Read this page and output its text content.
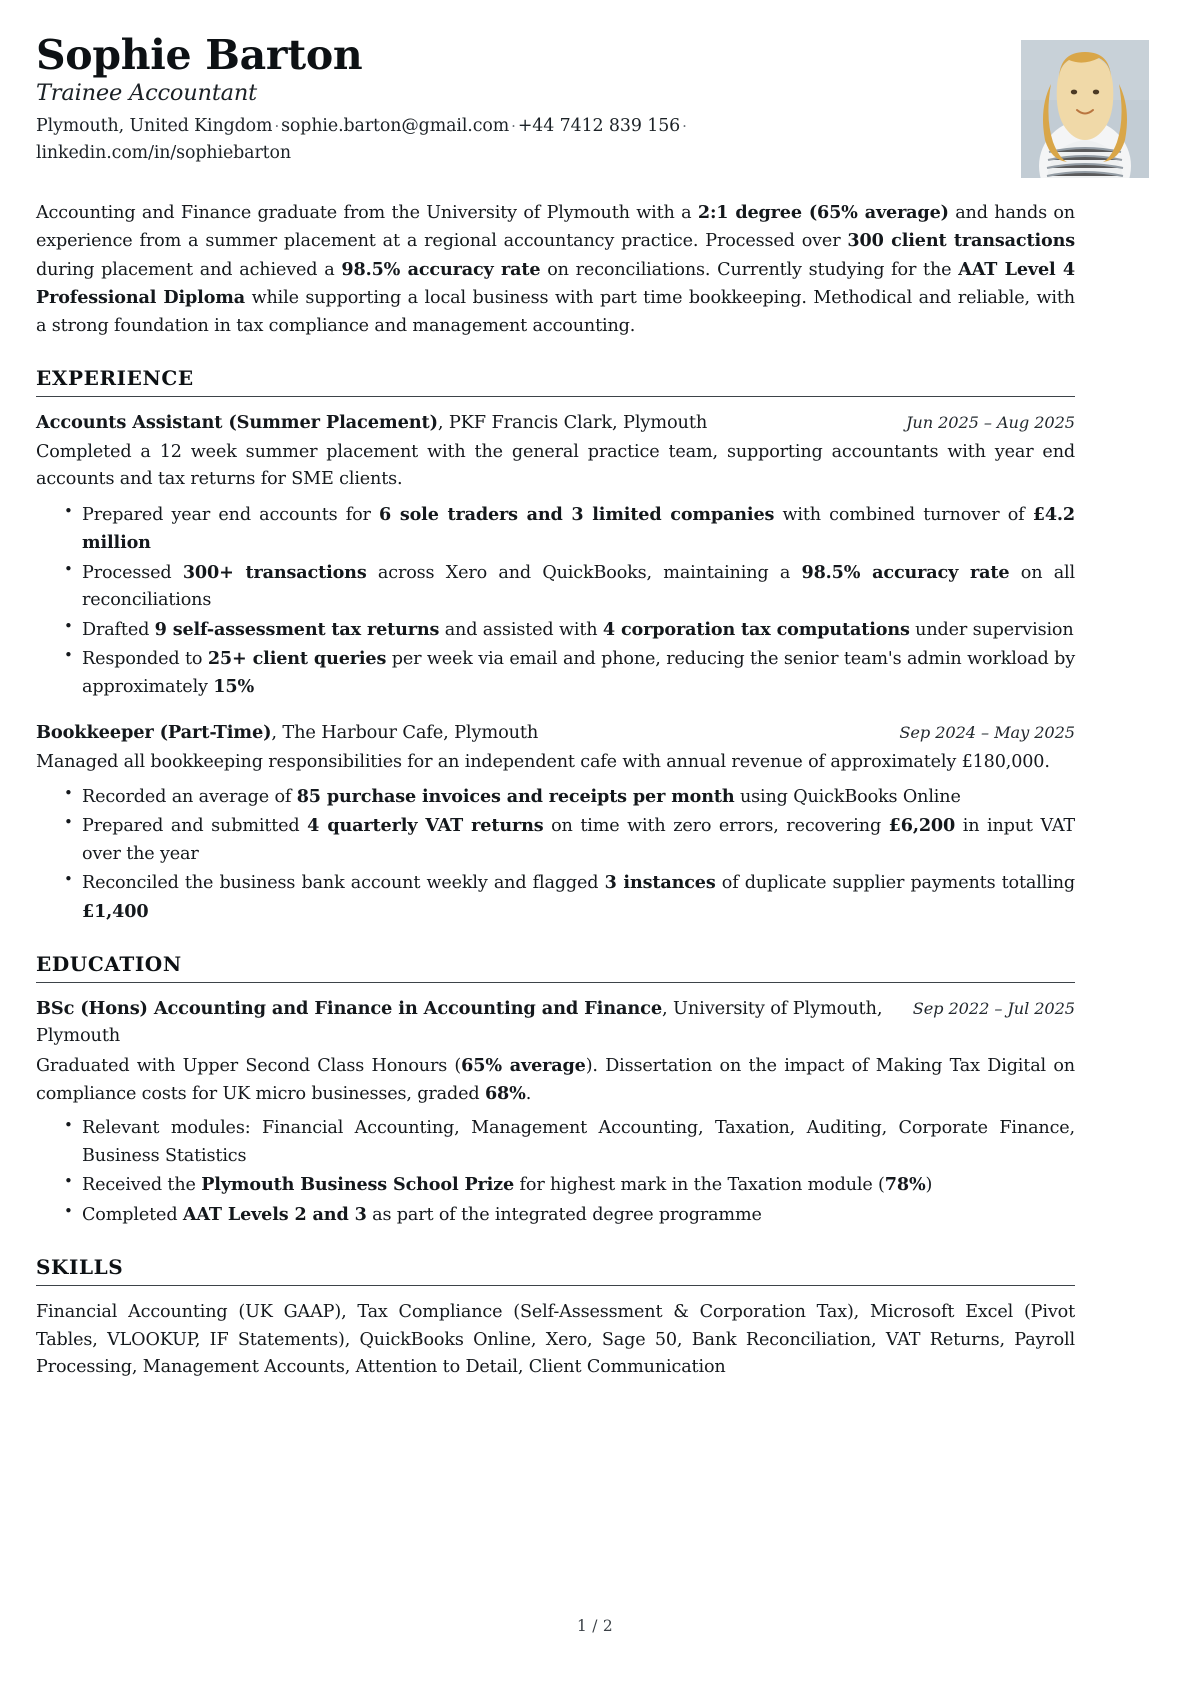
Sophie Barton
Trainee Accountant
Plymouth, United Kingdom · sophie.barton@gmail.com · +44 7412 839 156 · linkedin.com/in/sophiebarton

Accounting and Finance graduate from the University of Plymouth with a 2:1 degree (65% average) and hands on experience from a summer placement at a regional accountancy practice. Processed over 300 client transactions during placement and achieved a 98.5% accuracy rate on reconciliations. Currently studying for the AAT Level 4 Professional Diploma while supporting a local business with part time bookkeeping. Methodical and reliable, with a strong foundation in tax compliance and management accounting.

EXPERIENCE
Accounts Assistant (Summer Placement), PKF Francis Clark, Plymouth	Jun 2025 – Aug 2025
Completed a 12 week summer placement with the general practice team, supporting accountants with year end accounts and tax returns for SME clients.
• Prepared year end accounts for 6 sole traders and 3 limited companies with combined turnover of £4.2 million
• Processed 300+ transactions across Xero and QuickBooks, maintaining a 98.5% accuracy rate on all reconciliations
• Drafted 9 self-assessment tax returns and assisted with 4 corporation tax computations under supervision
• Responded to 25+ client queries per week via email and phone, reducing the senior team's admin workload by approximately 15%
Bookkeeper (Part-Time), The Harbour Cafe, Plymouth	Sep 2024 – May 2025
Managed all bookkeeping responsibilities for an independent cafe with annual revenue of approximately £180,000.
• Recorded an average of 85 purchase invoices and receipts per month using QuickBooks Online
• Prepared and submitted 4 quarterly VAT returns on time with zero errors, recovering £6,200 in input VAT over the year
• Reconciled the business bank account weekly and flagged 3 instances of duplicate supplier payments totalling £1,400
EDUCATION
BSc (Hons) Accounting and Finance in Accounting and Finance, University of Plymouth, Plymouth
Sep 2022 – Jul 2025
Graduated with Upper Second Class Honours (65% average). Dissertation on the impact of Making Tax Digital on compliance costs for UK micro businesses, graded 68%.
• Relevant modules: Financial Accounting, Management Accounting, Taxation, Auditing, Corporate Finance, Business Statistics
• Received the Plymouth Business School Prize for highest mark in the Taxation module (78%)
• Completed AAT Levels 2 and 3 as part of the integrated degree programme
SKILLS
Financial Accounting (UK GAAP), Tax Compliance (Self-Assessment & Corporation Tax), Microsoft Excel (Pivot Tables, VLOOKUP, IF Statements), QuickBooks Online, Xero, Sage 50, Bank Reconciliation, VAT Returns, Payroll Processing, Management Accounts, Attention to Detail, Client Communication
1 / 2
